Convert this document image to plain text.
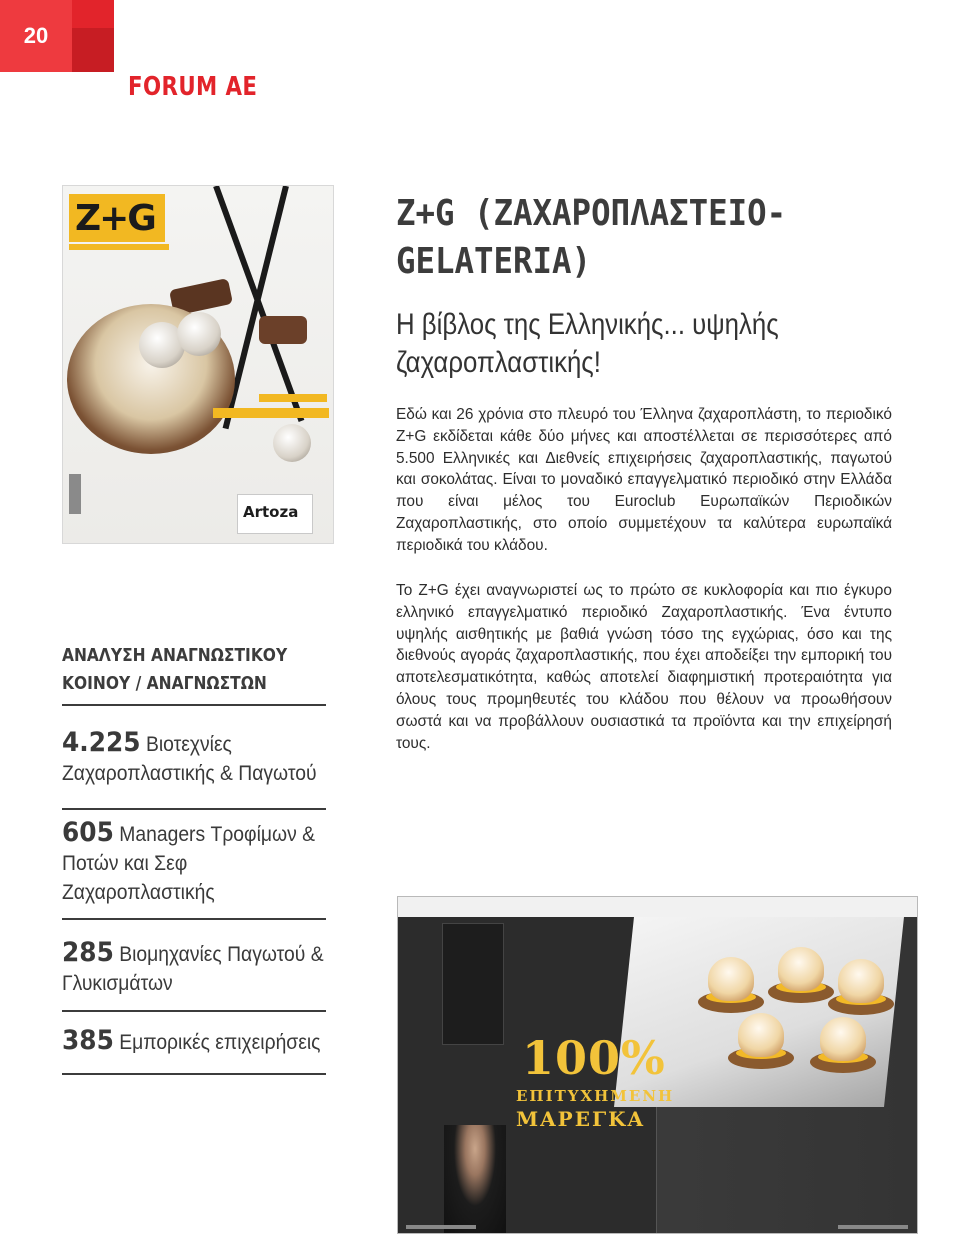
20
FORUM AE
Z+G
Artoza
Z+G (ΖΑΧΑΡΟΠΛΑΣΤΕΙΟ-GELATERIA)
Η βίβλος της Ελληνικής... υψηλής ζαχαροπλαστικής!
Εδώ και 26 χρόνια στο πλευρό του Έλληνα ζαχαροπλάστη, το περιοδικό Z+G εκδίδεται κάθε δύο μήνες και αποστέλλεται σε περισσότερες από 5.500 Ελληνικές και Διεθνείς επιχειρήσεις ζαχαροπλαστικής, παγωτού και σοκολάτας. Είναι το μοναδικό επαγγελματικό περιοδικό στην Ελλάδα που είναι μέλος του Euroclub Ευρωπαϊκών Περιοδικών Ζαχαροπλαστικής, στο οποίο συμμετέχουν τα καλύτερα ευρωπαϊκά περιοδικά του κλάδου.
Το Z+G έχει αναγνωριστεί ως το πρώτο σε κυκλοφορία και πιο έγκυρο ελληνικό επαγγελματικό περιοδικό Ζαχαροπλαστικής. Ένα έντυπο υψηλής αισθητικής με βαθιά γνώση τόσο της εγχώριας, όσο και της διεθνούς αγοράς ζαχαροπλαστικής, που έχει αποδείξει την εμπορική του αποτελεσματικότητα, καθώς αποτελεί διαφημιστική προτεραιότητα για όλους τους προμηθευτές του κλάδου που θέλουν να προωθήσουν σωστά και να προβάλλουν ουσιαστικά τα προϊόντα και την επιχείρησή τους.
ΑΝΑΛΥΣΗ ΑΝΑΓΝΩΣΤΙΚΟΥ ΚΟΙΝΟΥ / ΑΝΑΓΝΩΣΤΩΝ
4.225 Βιοτεχνίες Ζαχαροπλαστικής & Παγωτού
605 Managers Τροφίμων & Ποτών και Σεφ Ζαχαροπλαστικής
285 Βιομηχανίες Παγωτού & Γλυκισμάτων
385 Εμπορικές επιχειρήσεις	100%
ΕΠΙΤΥΧΗΜΕΝΗ
ΜΑΡΕΓΚΑ
